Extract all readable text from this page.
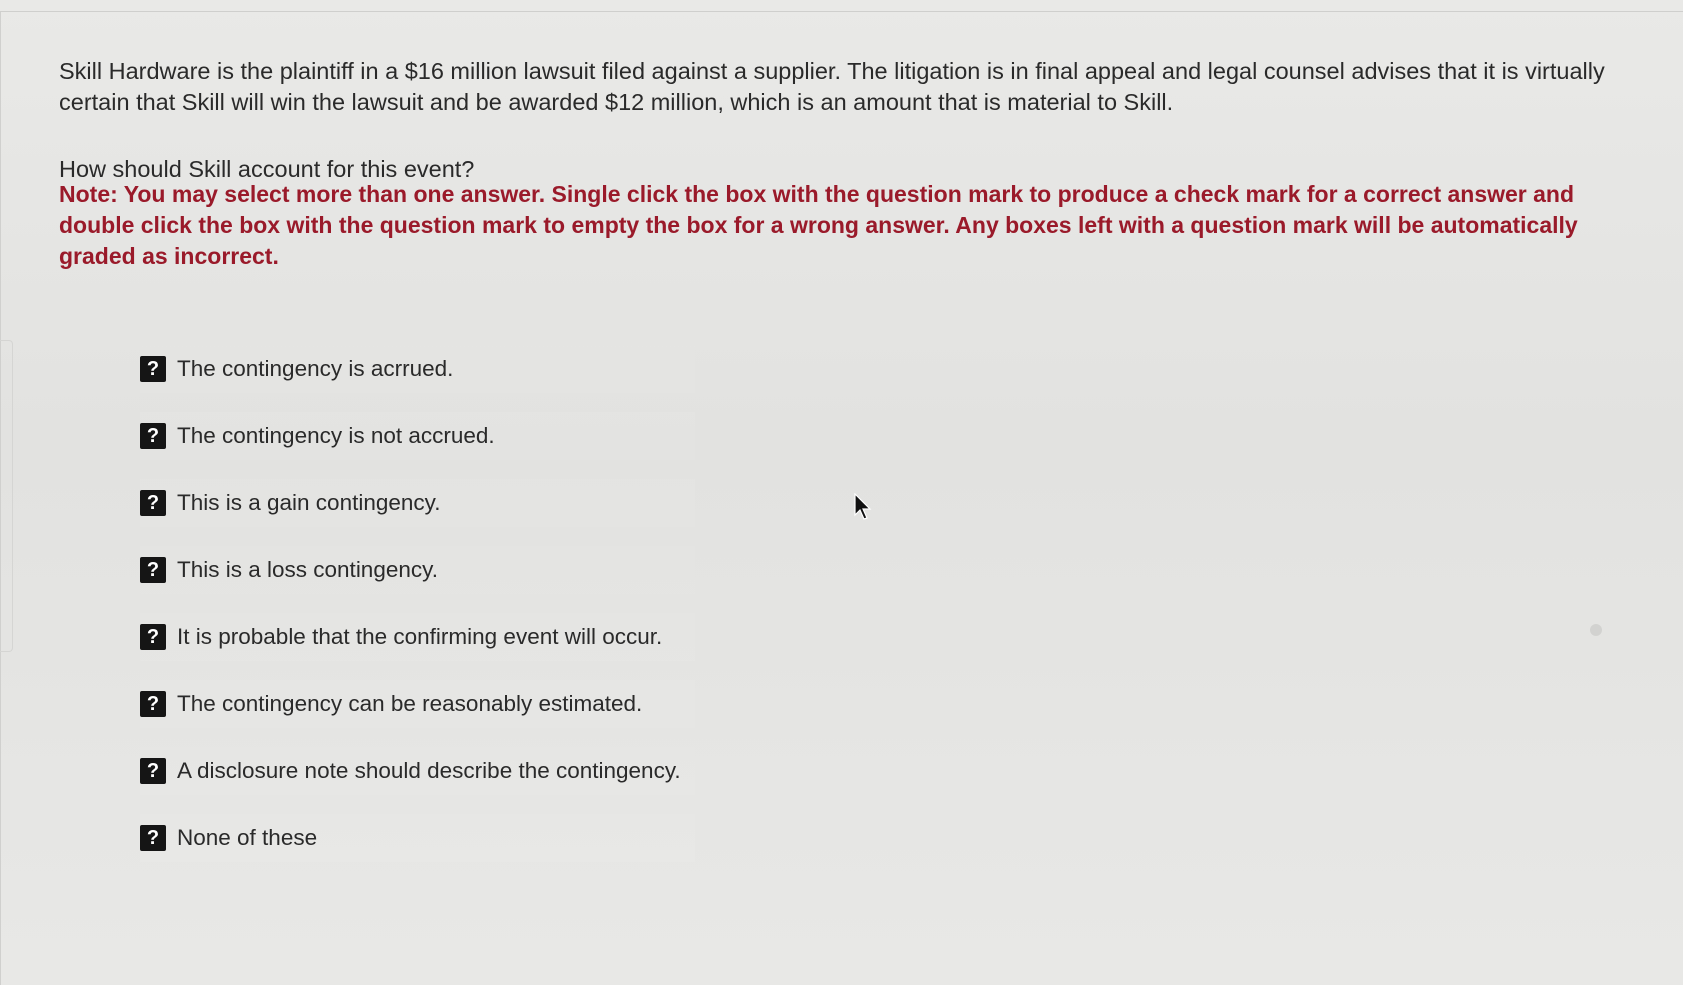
Skill Hardware is the plaintiff in a $16 million lawsuit filed against a supplier. The litigation is in final appeal and legal counsel advises that it is virtually certain that Skill will win the lawsuit and be awarded $12 million, which is an amount that is material to Skill.

How should Skill account for this event?
Note: You may select more than one answer. Single click the box with the question mark to produce a check mark for a correct answer and double click the box with the question mark to empty the box for a wrong answer. Any boxes left with a question mark will be automatically graded as incorrect.
? The contingency is acrrued.
? The contingency is not accrued.
? This is a gain contingency.
? This is a loss contingency.
? It is probable that the confirming event will occur.
? The contingency can be reasonably estimated.
? A disclosure note should describe the contingency.
? None of these
